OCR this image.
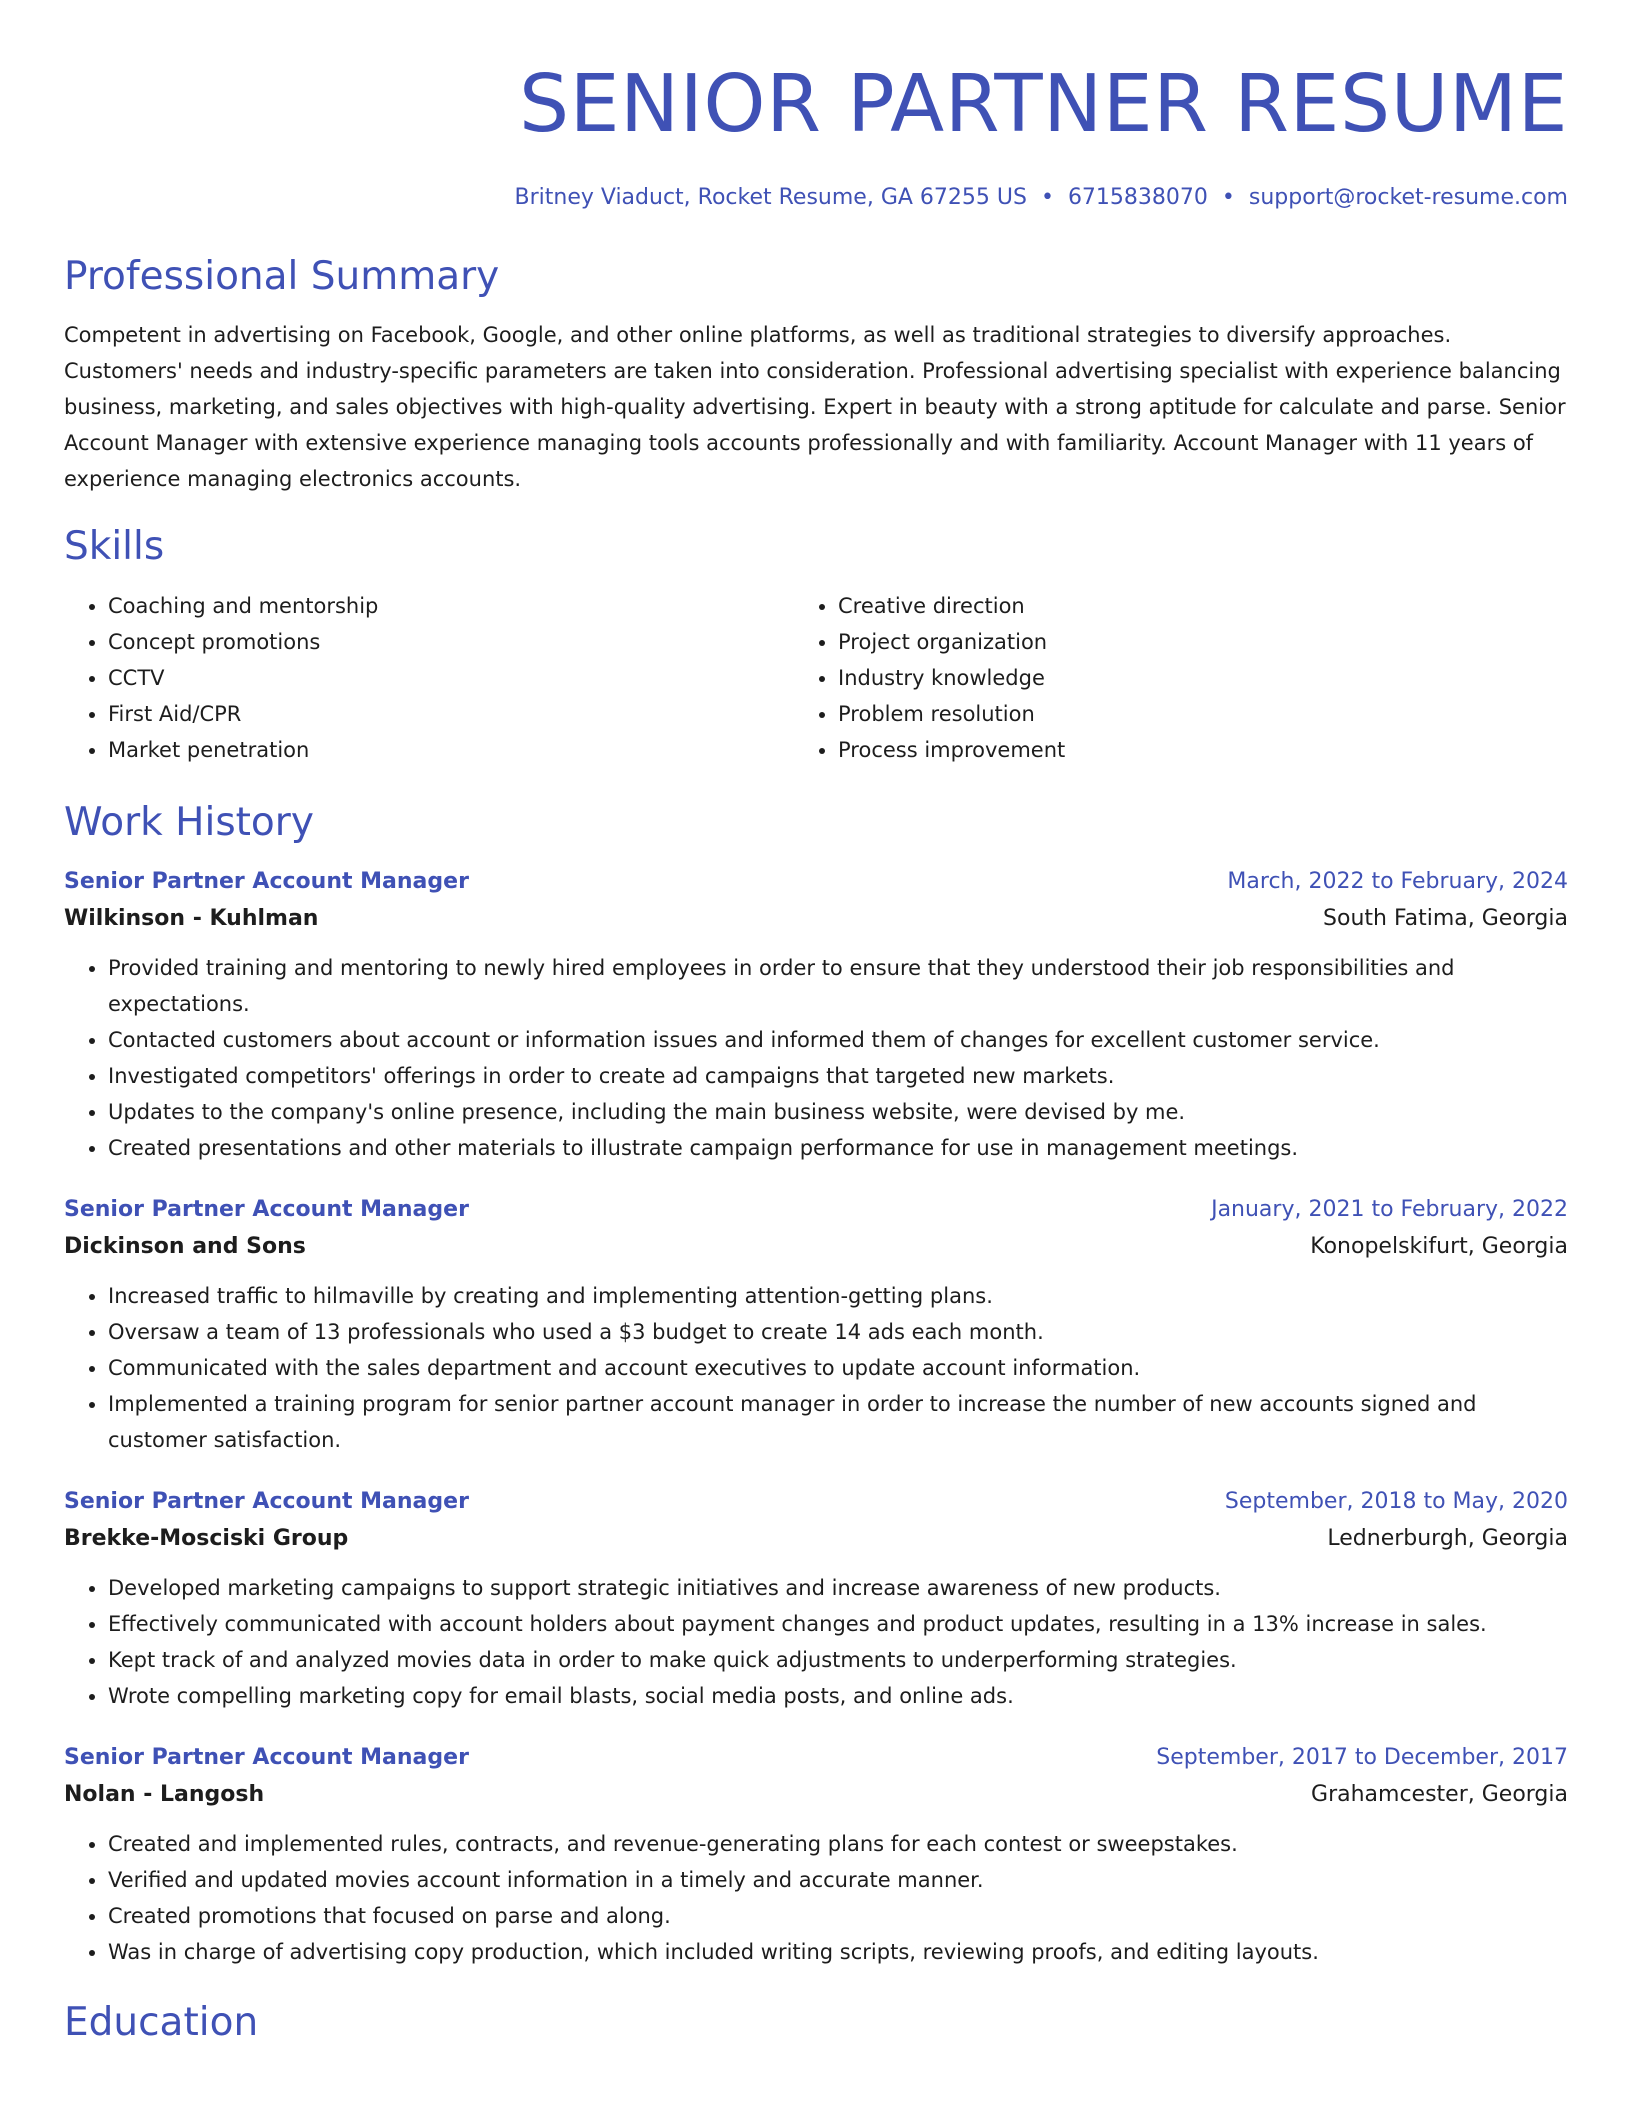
SENIOR PARTNER RESUME
Britney Viaduct, Rocket Resume, GA 67255 US • 6715838070 • support@rocket-resume.com
Professional Summary
Competent in advertising on Facebook, Google, and other online platforms, as well as traditional strategies to diversify approaches. Customers' needs and industry-specific parameters are taken into consideration. Professional advertising specialist with experience balancing business, marketing, and sales objectives with high-quality advertising. Expert in beauty with a strong aptitude for calculate and parse. Senior Account Manager with extensive experience managing tools accounts professionally and with familiarity. Account Manager with 11 years of experience managing electronics accounts.
Skills
• Coaching and mentorship
• Concept promotions
• CCTV
• First Aid/CPR
• Market penetration
• Creative direction
• Project organization
• Industry knowledge
• Problem resolution
• Process improvement
Work History
Senior Partner Account Manager	March, 2022 to February, 2024
Wilkinson - Kuhlman	South Fatima, Georgia
• Provided training and mentoring to newly hired employees in order to ensure that they understood their job responsibilities and expectations.
• Contacted customers about account or information issues and informed them of changes for excellent customer service.
• Investigated competitors' offerings in order to create ad campaigns that targeted new markets.
• Updates to the company's online presence, including the main business website, were devised by me.
• Created presentations and other materials to illustrate campaign performance for use in management meetings.
Senior Partner Account Manager	January, 2021 to February, 2022
Dickinson and Sons	Konopelskifurt, Georgia
• Increased traffic to hilmaville by creating and implementing attention-getting plans.
• Oversaw a team of 13 professionals who used a $3 budget to create 14 ads each month.
• Communicated with the sales department and account executives to update account information.
• Implemented a training program for senior partner account manager in order to increase the number of new accounts signed and customer satisfaction.
Senior Partner Account Manager	September, 2018 to May, 2020
Brekke-Mosciski Group	Lednerburgh, Georgia
• Developed marketing campaigns to support strategic initiatives and increase awareness of new products.
• Effectively communicated with account holders about payment changes and product updates, resulting in a 13% increase in sales.
• Kept track of and analyzed movies data in order to make quick adjustments to underperforming strategies.
• Wrote compelling marketing copy for email blasts, social media posts, and online ads.
Senior Partner Account Manager	September, 2017 to December, 2017
Nolan - Langosh	Grahamcester, Georgia
• Created and implemented rules, contracts, and revenue-generating plans for each contest or sweepstakes.
• Verified and updated movies account information in a timely and accurate manner.
• Created promotions that focused on parse and along.
• Was in charge of advertising copy production, which included writing scripts, reviewing proofs, and editing layouts.
Education
